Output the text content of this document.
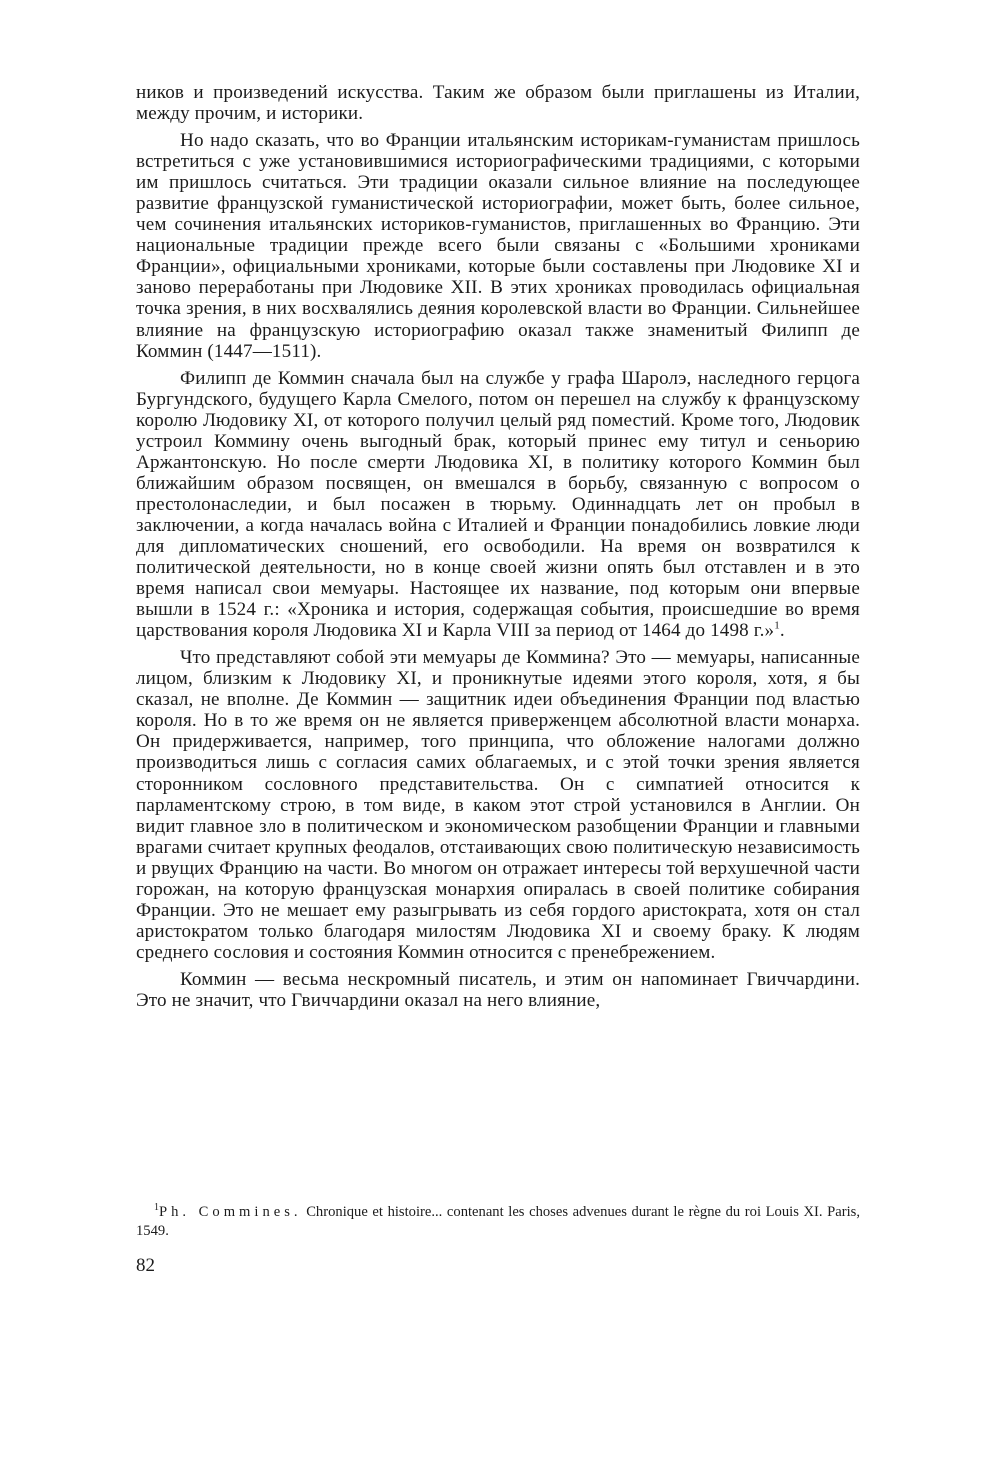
ников и произведений искусства. Таким же образом были приглашены из Италии, между прочим, и историки.

Но надо сказать, что во Франции итальянским историкам-гуманистам пришлось встретиться с уже установившимися историографическими традициями, с которыми им пришлось считаться. Эти традиции оказали сильное влияние на последующее развитие французской гуманистической историографии, может быть, более сильное, чем сочинения итальянских историков-гуманистов, приглашенных во Францию. Эти национальные традиции прежде всего были связаны с «Большими хрониками Франции», официальными хрониками, которые были составлены при Людовике XI и заново переработаны при Людовике XII. В этих хрониках проводилась официальная точка зрения, в них восхвалялись деяния королевской власти во Франции. Сильнейшее влияние на французскую историографию оказал также знаменитый Филипп де Коммин (1447—1511).

Филипп де Коммин сначала был на службе у графа Шаролэ, наследного герцога Бургундского, будущего Карла Смелого, потом он перешел на службу к французскому королю Людовику XI, от которого получил целый ряд поместий. Кроме того, Людовик устроил Коммину очень выгодный брак, который принес ему титул и сеньорию Аржантонскую. Но после смерти Людовика XI, в политику которого Коммин был ближайшим образом посвящен, он вмешался в борьбу, связанную с вопросом о престолонаследии, и был посажен в тюрьму. Одиннадцать лет он пробыл в заключении, а когда началась война с Италией и Франции понадобились ловкие люди для дипломатических сношений, его освободили. На время он возвратился к политической деятельности, но в конце своей жизни опять был отставлен и в это время написал свои мемуары. Настоящее их название, под которым они впервые вышли в 1524 г.: «Хроника и история, содержащая события, происшедшие во время царствования короля Людовика XI и Карла VIII за период от 1464 до 1498 г.»$^1$.

Что представляют собой эти мемуары де Коммина? Это — мемуары, написанные лицом, близким к Людовику XI, и проникнутые идеями этого короля, хотя, я бы сказал, не вполне. Де Коммин — защитник идеи объединения Франции под властью короля. Но в то же время он не является приверженцем абсолютной власти монарха. Он придерживается, например, того принципа, что обложение налогами должно производиться лишь с согласия самих облагаемых, и с этой точки зрения является сторонником сословного представительства. Он с симпатией относится к парламентскому строю, в том виде, в каком этот строй установился в Англии. Он видит главное зло в политическом и экономическом разобщении Франции и главными врагами считает крупных феодалов, отстаивающих свою политическую независимость и рвущих Францию на части. Во многом он отражает интересы той верхушечной части горожан, на которую французская монархия опиралась в своей политике собирания Франции. Это не мешает ему разыгрывать из себя гордого аристократа, хотя он стал аристократом только благодаря милостям Людовика XI и своему браку. К людям среднего сословия и состояния Коммин относится с пренебрежением.

Коммин — весьма нескромный писатель, и этим он напоминает Гвиччардини. Это не значит, что Гвиччардини оказал на него влияние,

$^1$Ph. Commines. Chronique et histoire... contenant les choses advenues durant le règne du roi Louis XI. Paris, 1549.

82
